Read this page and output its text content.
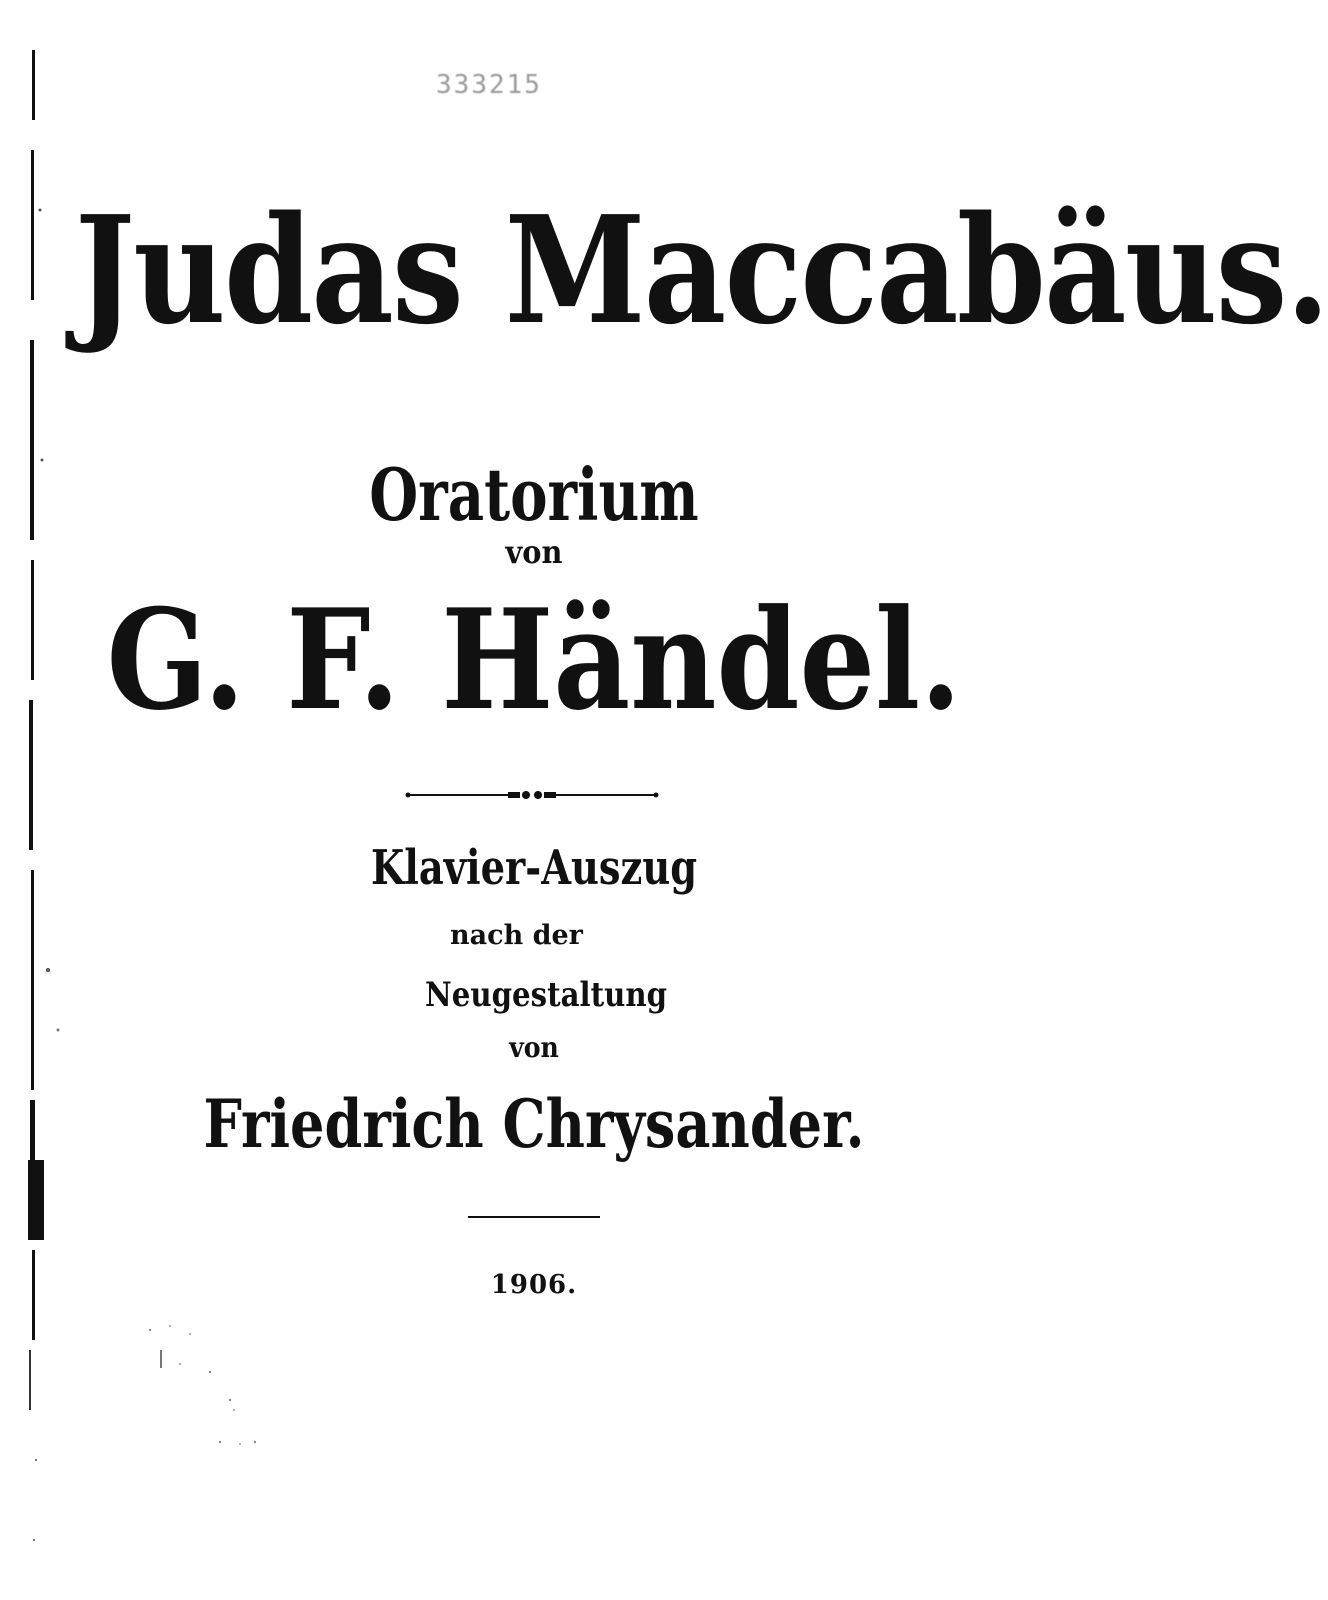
333215
Judas Maccabäus.
Oratorium
von
G. F. Händel.
Klavier-Auszug
nach der
Neugestaltung
von
Friedrich Chrysander.
1906.
